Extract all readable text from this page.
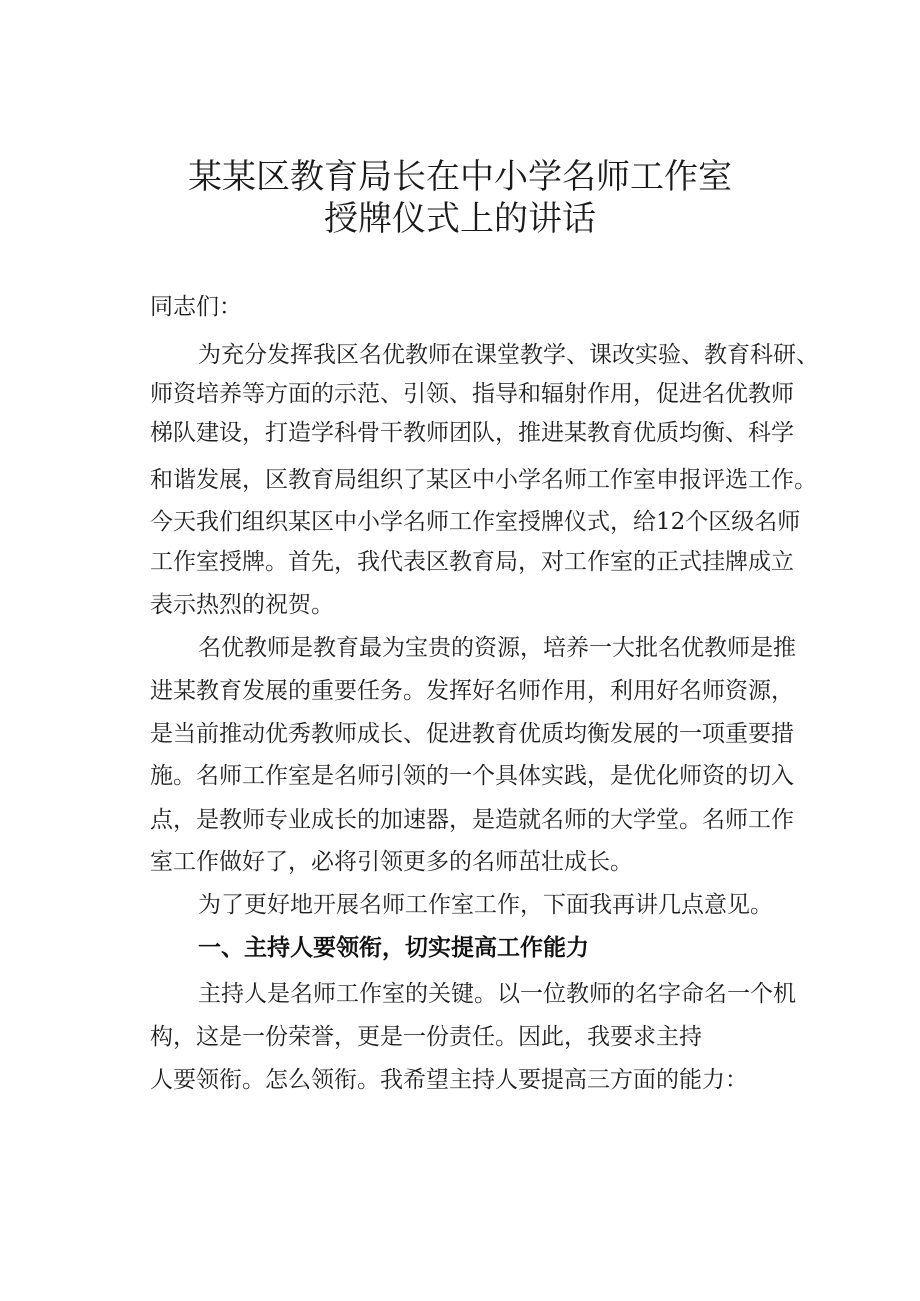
某某区教育局长在中小学名师工作室
授牌仪式上的讲话
同志们：
为充分发挥我区名优教师在课堂教学、课改实验、教育科研、
师资培养等方面的示范、引领、指导和辐射作用，促进名优教师
梯队建设，打造学科骨干教师团队，推进某教育优质均衡、科学
和谐发展，区教育局组织了某区中小学名师工作室申报评选工作。
今天我们组织某区中小学名师工作室授牌仪式，给12个区级名师
工作室授牌。首先，我代表区教育局，对工作室的正式挂牌成立
表示热烈的祝贺。
名优教师是教育最为宝贵的资源，培养一大批名优教师是推
进某教育发展的重要任务。发挥好名师作用，利用好名师资源，
是当前推动优秀教师成长、促进教育优质均衡发展的一项重要措
施。名师工作室是名师引领的一个具体实践，是优化师资的切入
点，是教师专业成长的加速器，是造就名师的大学堂。名师工作
室工作做好了，必将引领更多的名师茁壮成长。
为了更好地开展名师工作室工作，下面我再讲几点意见。
一、主持人要领衔，切实提高工作能力
主持人是名师工作室的关键。以一位教师的名字命名一个机
构，这是一份荣誉，更是一份责任。因此，我要求主持
人要领衔。怎么领衔。我希望主持人要提高三方面的能力：
